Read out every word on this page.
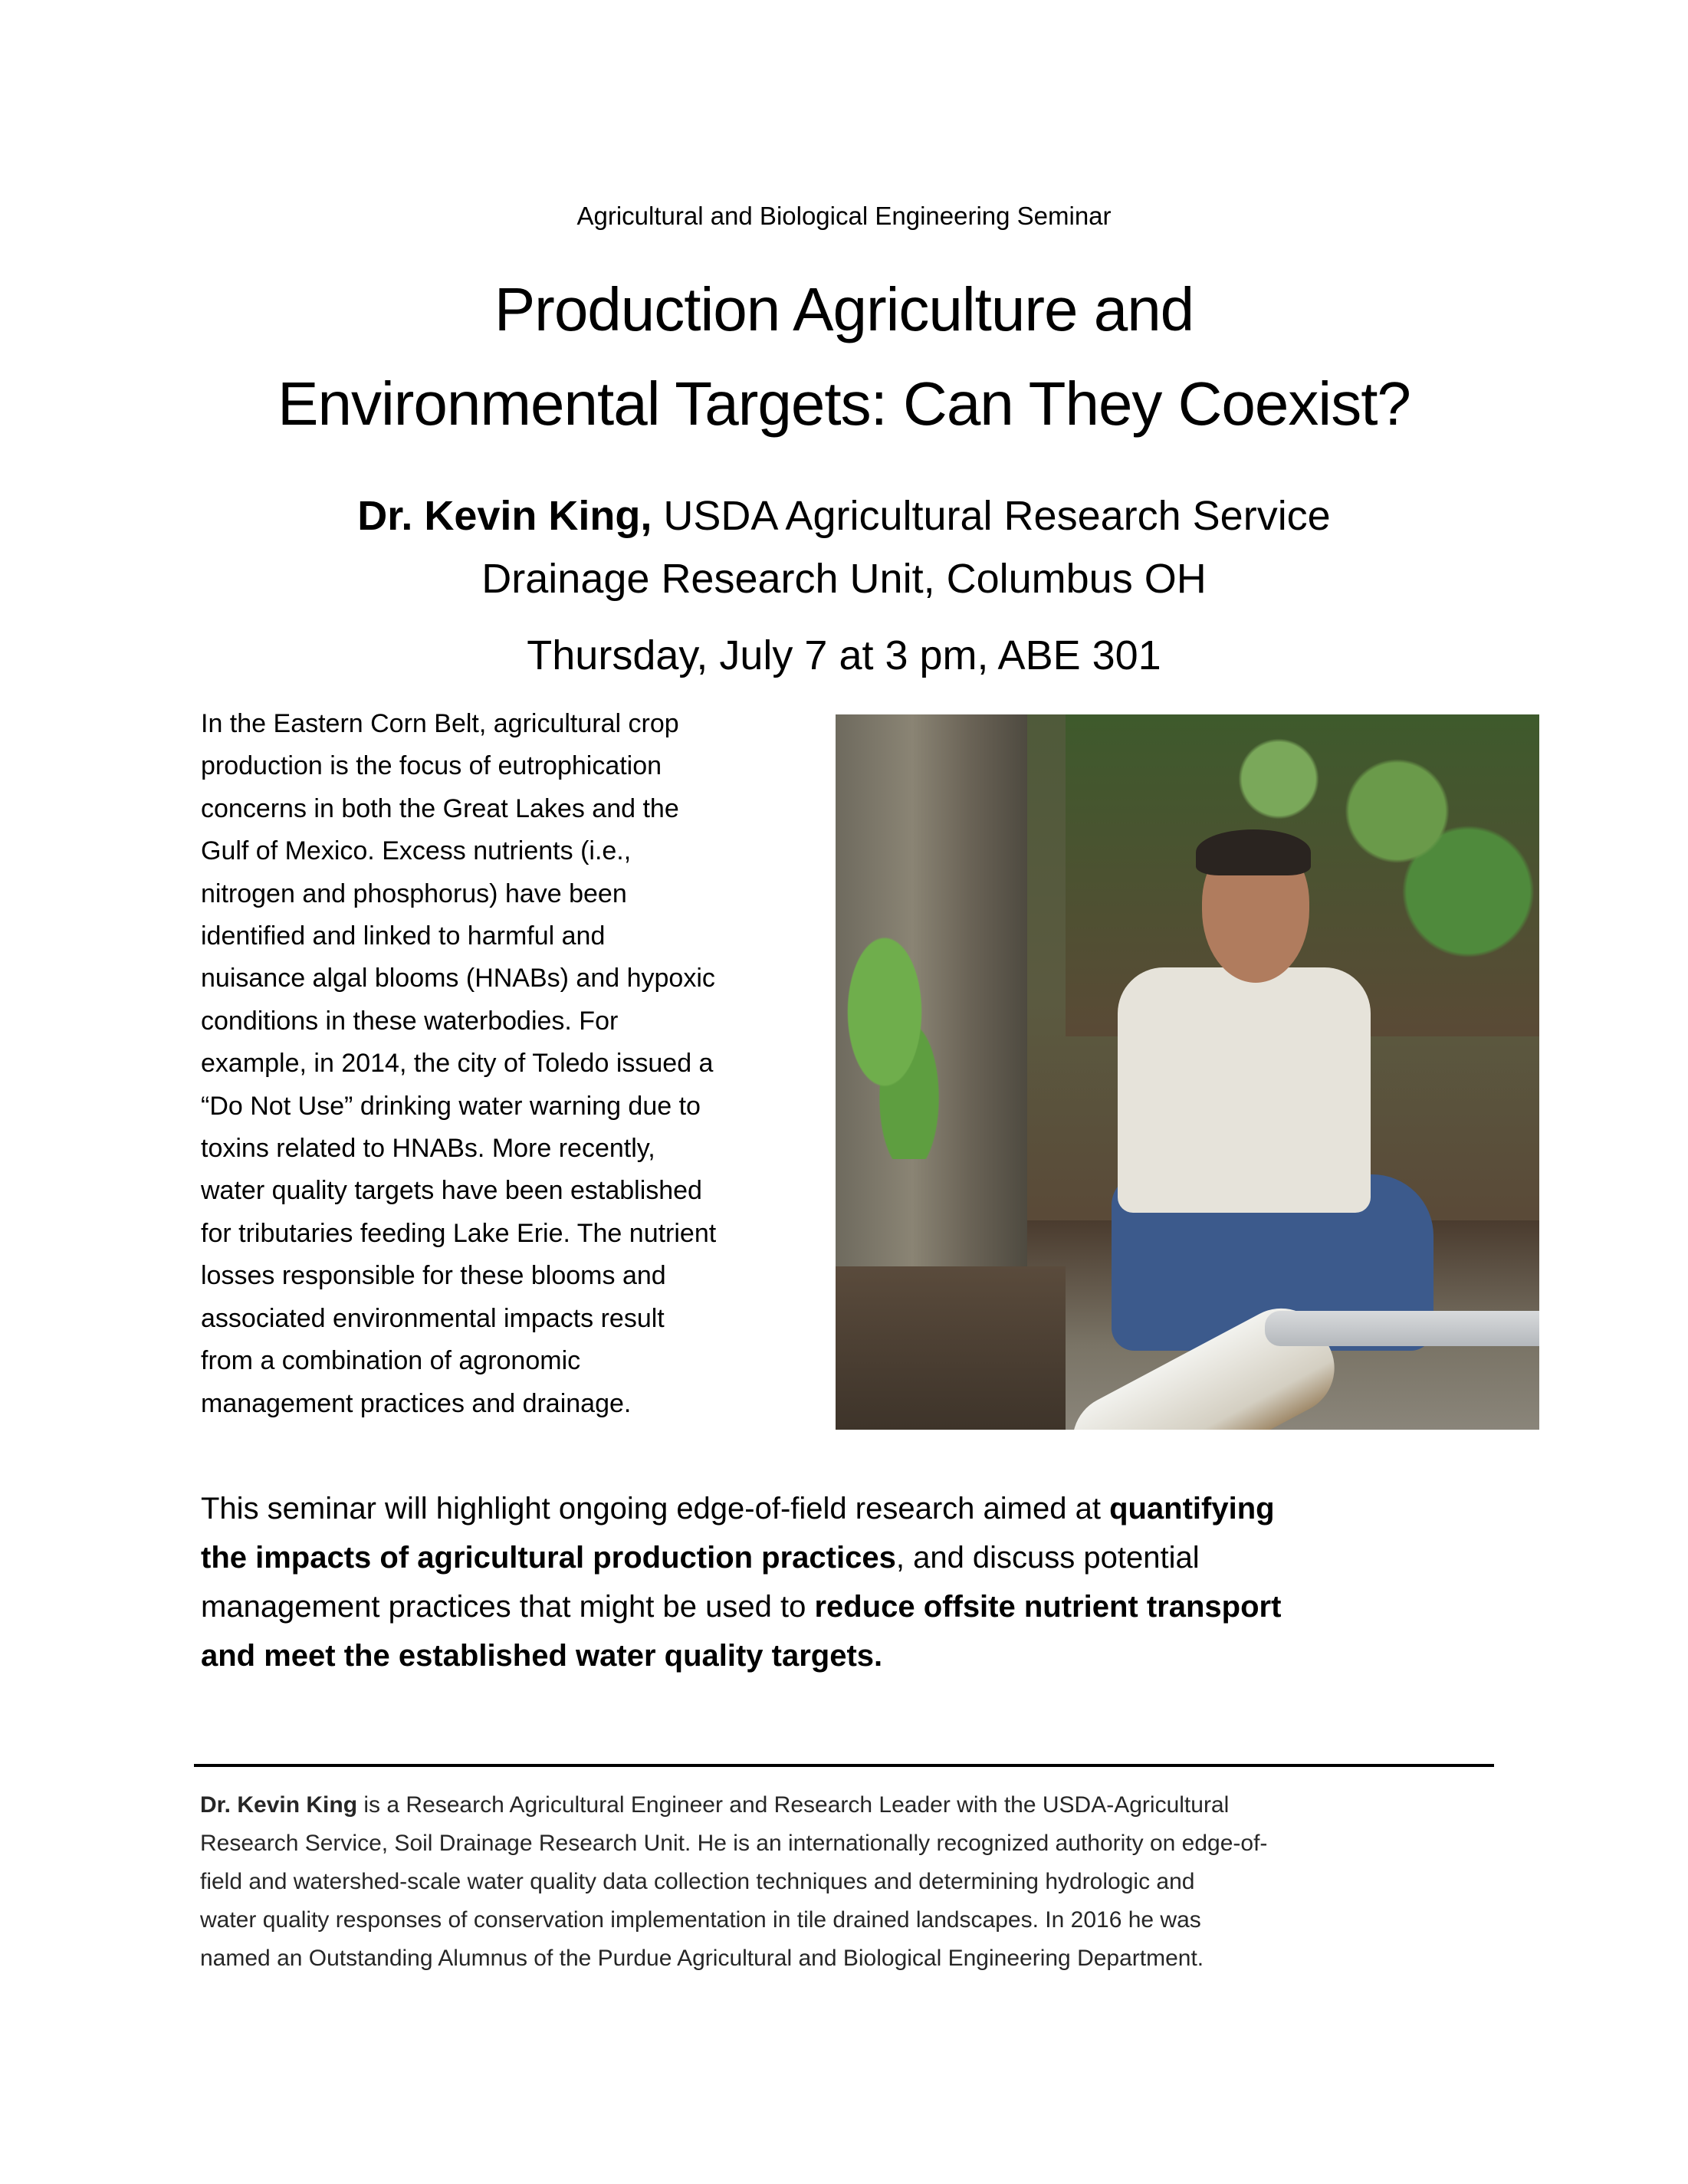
Agricultural and Biological Engineering Seminar
Production Agriculture and
Environmental Targets: Can They Coexist?
Dr. Kevin King, USDA Agricultural Research Service
Drainage Research Unit, Columbus OH
Thursday, July 7 at 3 pm, ABE 301
In the Eastern Corn Belt, agricultural crop
production is the focus of eutrophication
concerns in both the Great Lakes and the
Gulf of Mexico. Excess nutrients (i.e.,
nitrogen and phosphorus) have been
identified and linked to harmful and
nuisance algal blooms (HNABs) and hypoxic
conditions in these waterbodies. For
example, in 2014, the city of Toledo issued a
“Do Not Use” drinking water warning due to
toxins related to HNABs. More recently,
water quality targets have been established
for tributaries feeding Lake Erie. The nutrient
losses responsible for these blooms and
associated environmental impacts result
from a combination of agronomic
management practices and drainage.
This seminar will highlight ongoing edge-of-field research aimed at quantifying
the impacts of agricultural production practices, and discuss potential
management practices that might be used to reduce offsite nutrient transport
and meet the established water quality targets.
Dr. Kevin King is a Research Agricultural Engineer and Research Leader with the USDA-Agricultural
Research Service, Soil Drainage Research Unit. He is an internationally recognized authority on edge-of-
field and watershed-scale water quality data collection techniques and determining hydrologic and
water quality responses of conservation implementation in tile drained landscapes. In 2016 he was
named an Outstanding Alumnus of the Purdue Agricultural and Biological Engineering Department.
